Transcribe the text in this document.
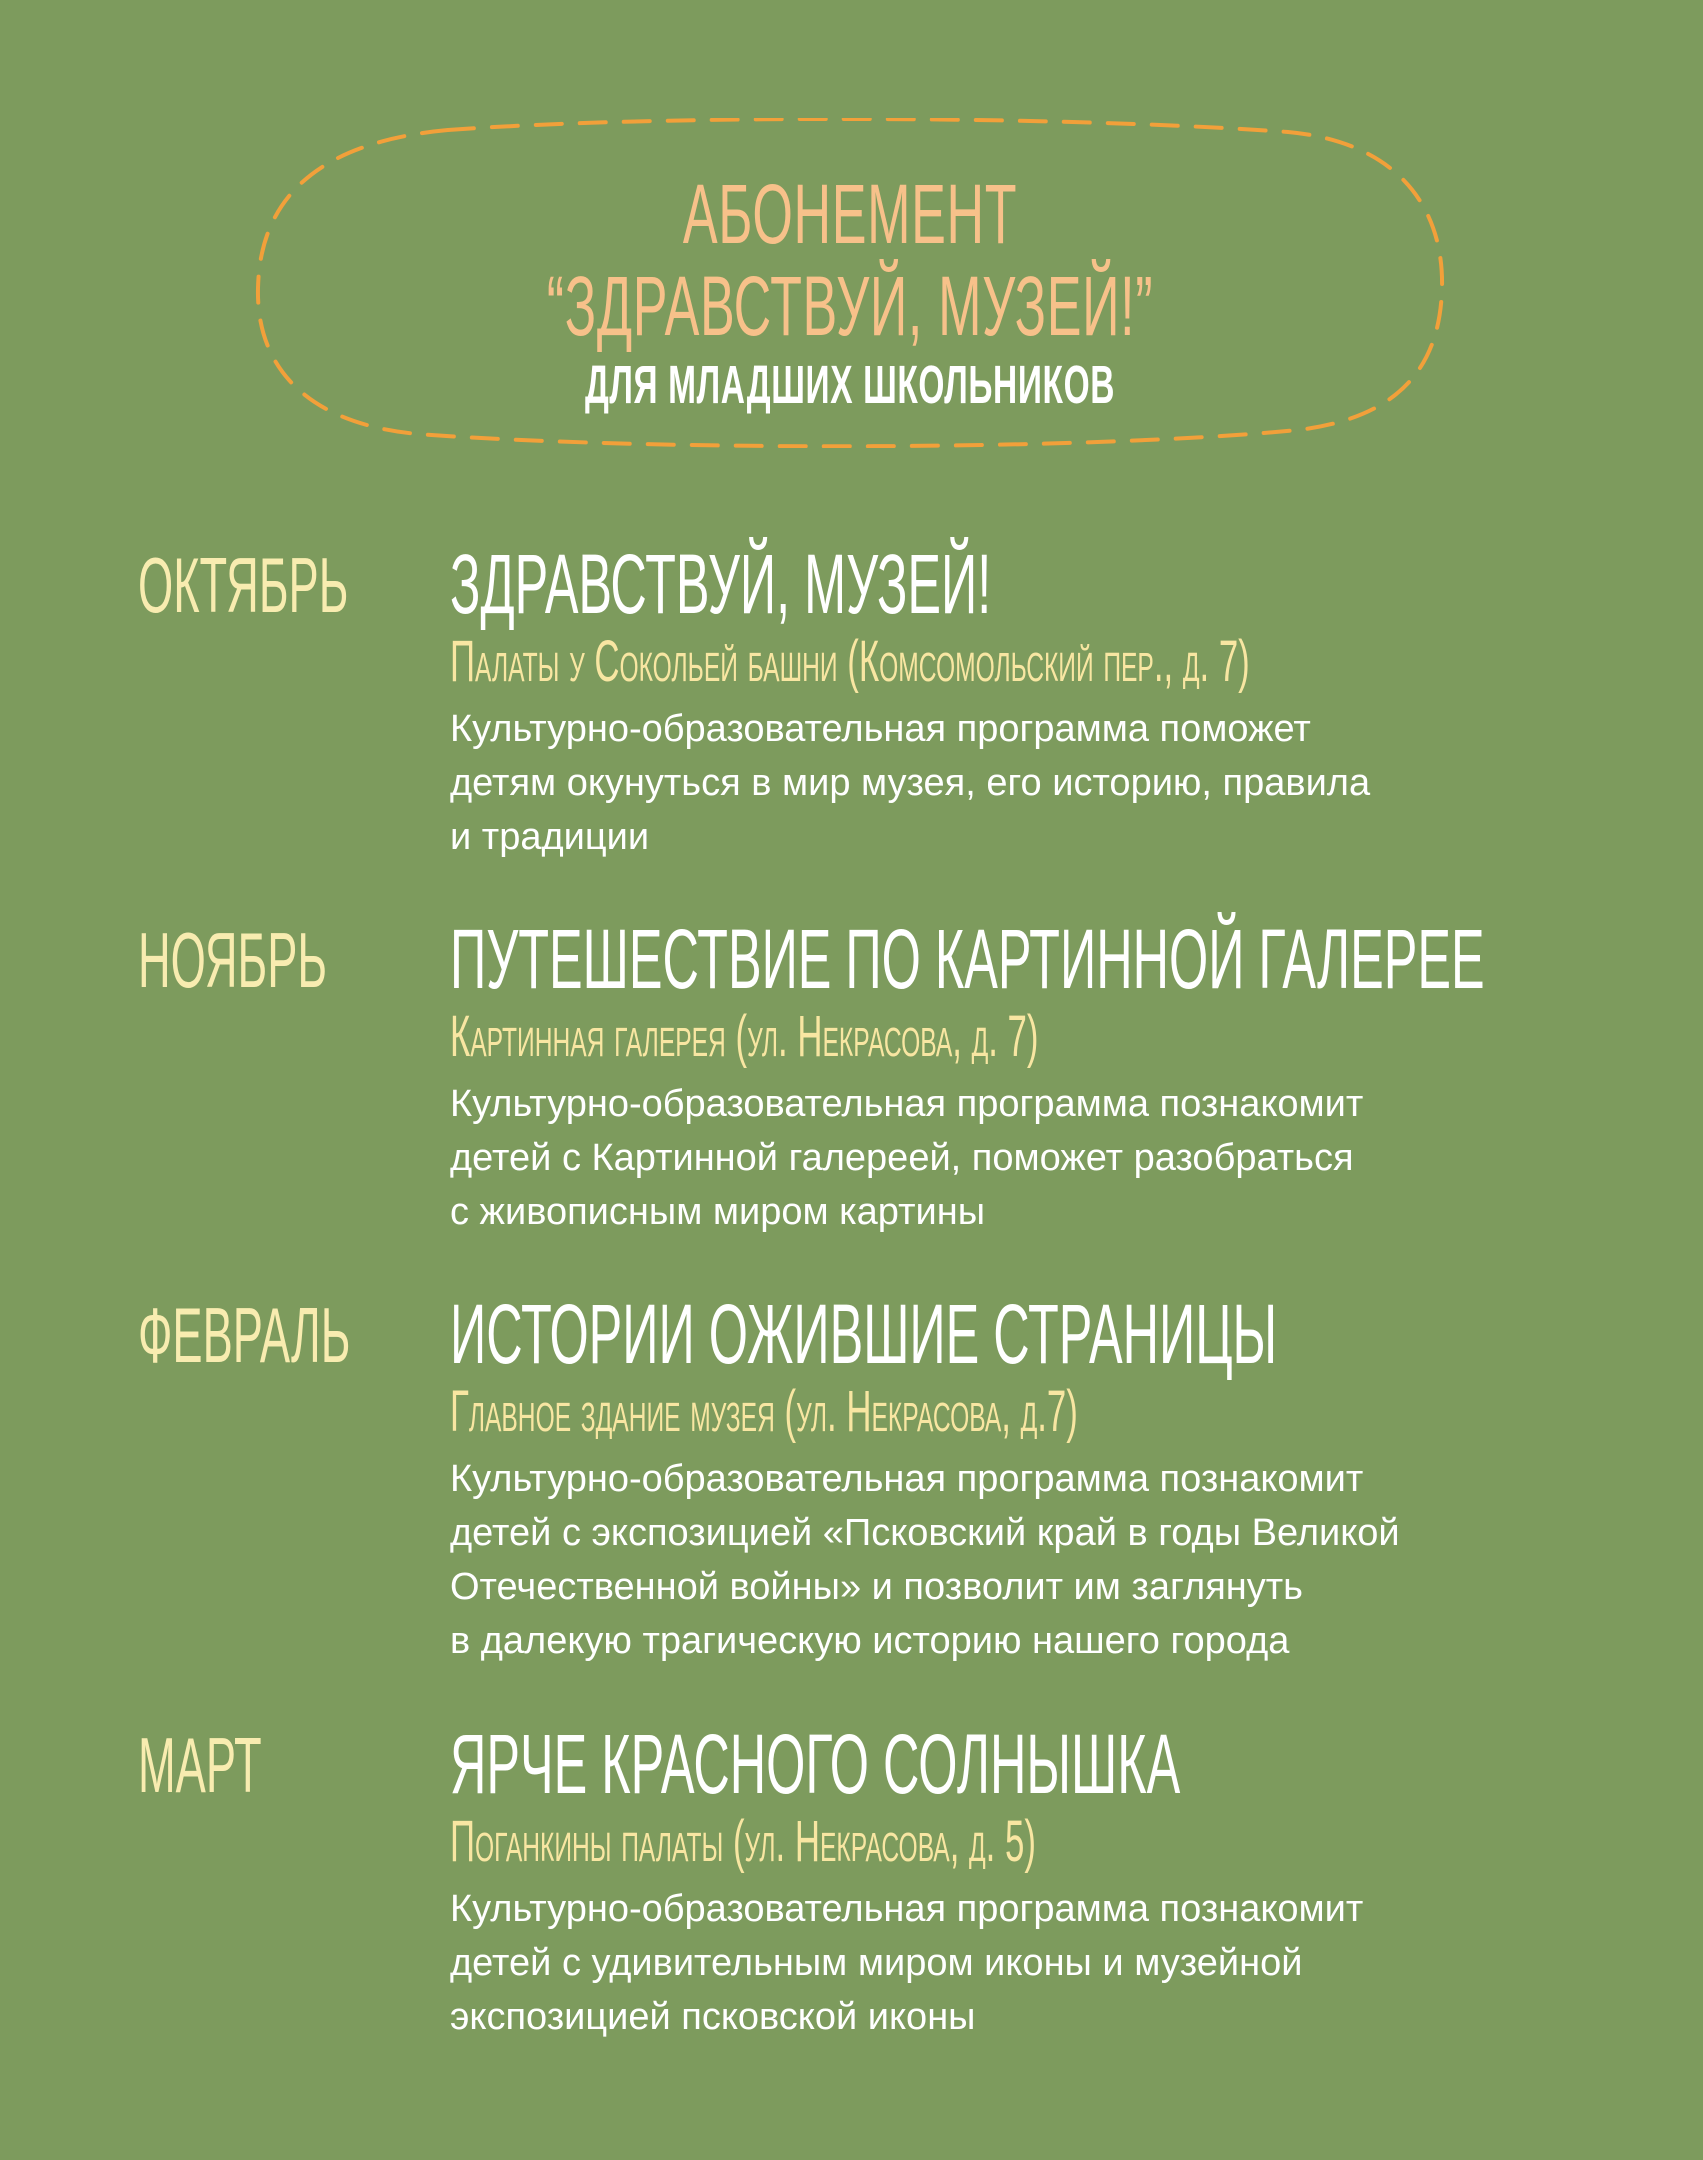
АБОНЕМЕНТ
“ЗДРАВСТВУЙ, МУЗЕЙ!”
ДЛЯ МЛАДШИХ ШКОЛЬНИКОВ
ОКТЯБРЬ ЗДРАВСТВУЙ, МУЗЕЙ!
Палаты у Сокольей башни (Комсомольский пер., д. 7)
Культурно-образовательная программа поможет
детям окунуться в мир музея, его историю, правила
и традиции
НОЯБРЬ ПУТЕШЕСТВИЕ ПО КАРТИННОЙ ГАЛЕРЕЕ
Картинная галерея (ул. Некрасова, д. 7)
Культурно-образовательная программа познакомит
детей с Картинной галереей, поможет разобраться
с живописным миром картины
ФЕВРАЛЬ ИСТОРИИ ОЖИВШИЕ СТРАНИЦЫ
Главное здание музея (ул. Некрасова, д.7)
Культурно-образовательная программа познакомит
детей с экспозицией «Псковский край в годы Великой
Отечественной войны» и позволит им заглянуть
в далекую трагическую историю нашего города
МАРТ ЯРЧЕ КРАСНОГО СОЛНЫШКА
Поганкины палаты (ул. Некрасова, д. 5)
Культурно-образовательная программа познакомит
детей с удивительным миром иконы и музейной
экспозицией псковской иконы
